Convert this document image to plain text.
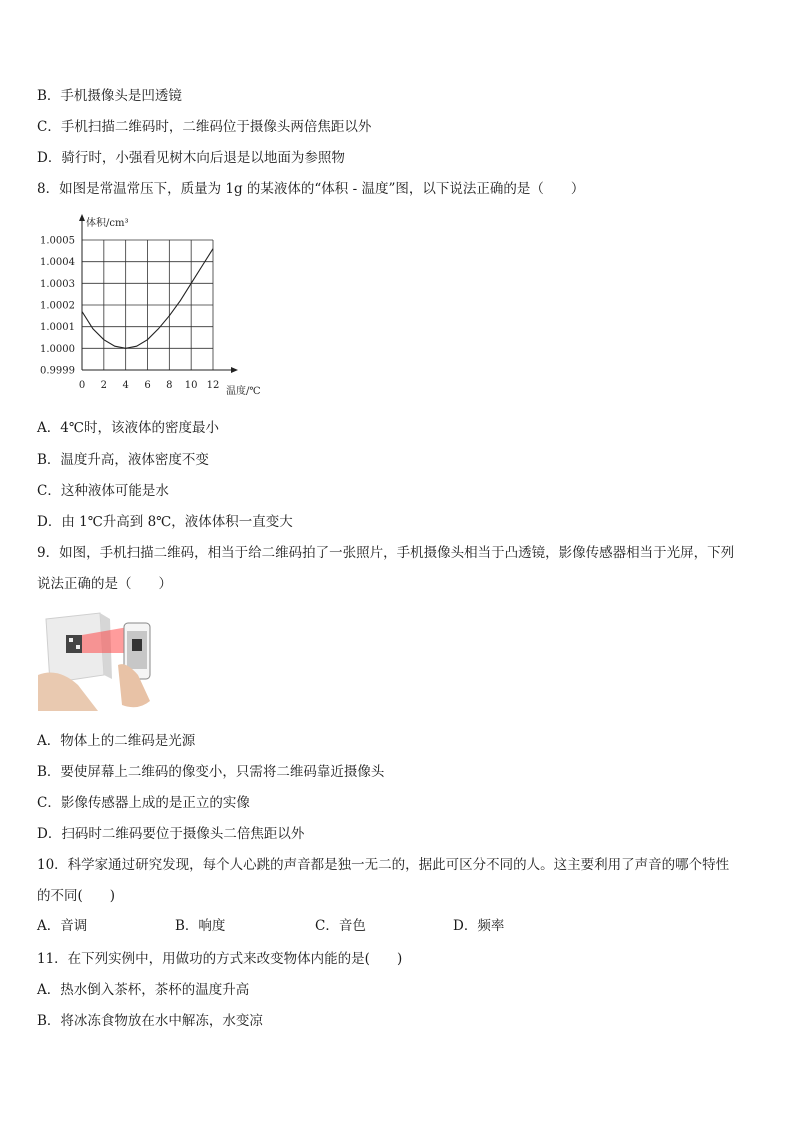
B．手机摄像头是凹透镜
C．手机扫描二维码时，二维码位于摄像头两倍焦距以外
D．骑行时，小强看见树木向后退是以地面为参照物
8．如图是常温常压下，质量为 1g 的某液体的“体积 - 温度”图，以下说法正确的是（　　）
0.9999
1.0000
1.0001
1.0002
1.0003
1.0004
1.0005
0 2 4 6 8 10 12
体积/cm³
温度/℃
A．4℃时，该液体的密度最小
B．温度升高，液体密度不变
C．这种液体可能是水
D．由 1℃升高到 8℃，液体体积一直变大
9．如图，手机扫描二维码，相当于给二维码拍了一张照片，手机摄像头相当于凸透镜，影像传感器相当于光屏，下列
说法正确的是（　　）
A．物体上的二维码是光源
B．要使屏幕上二维码的像变小，只需将二维码靠近摄像头
C．影像传感器上成的是正立的实像
D．扫码时二维码要位于摄像头二倍焦距以外
10．科学家通过研究发现，每个人心跳的声音都是独一无二的，据此可区分不同的人。这主要利用了声音的哪个特性
的不同(　　)
A．音调	B．响度	C．音色	D．频率
11．在下列实例中，用做功的方式来改变物体内能的是(　　)
A．热水倒入茶杯，茶杯的温度升高
B．将冰冻食物放在水中解冻，水变凉
